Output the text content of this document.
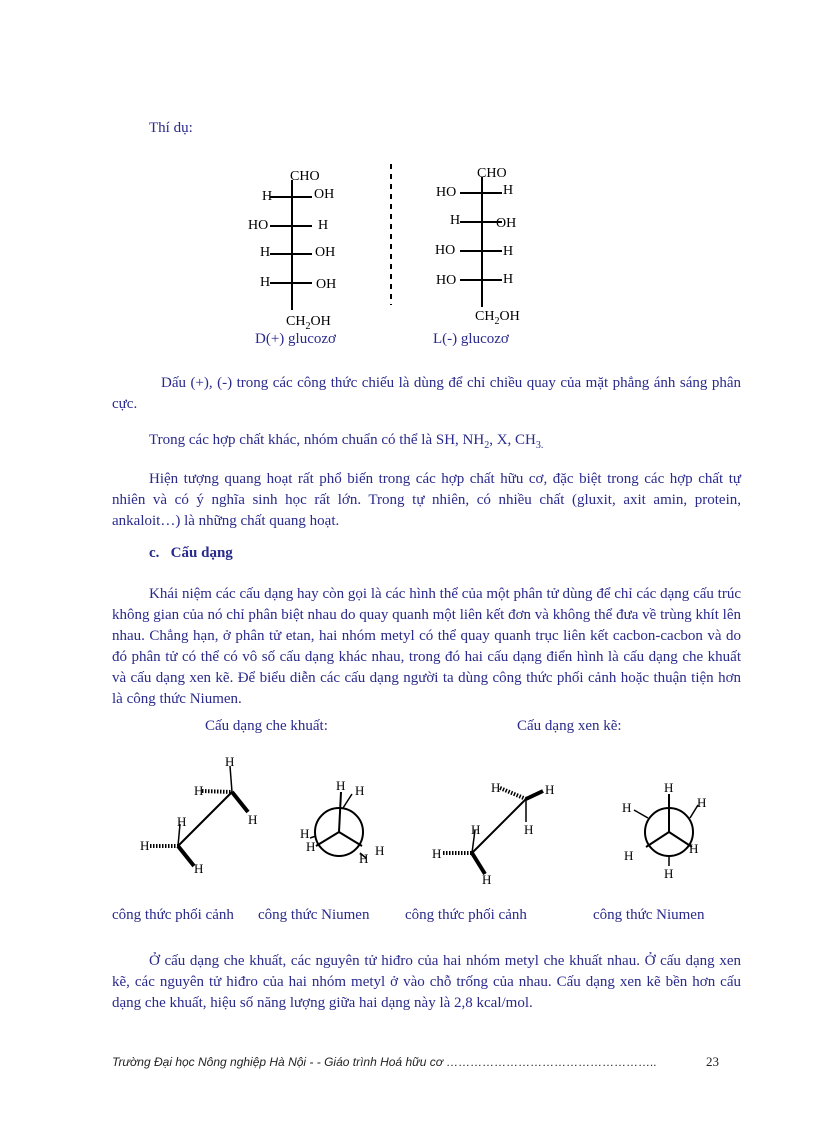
Thí dụ:
CHO
H	OH
HO	H
H	OH
H	OH
$CH_2OH$
CHO
HO	H
H	OH
HO	H
HO	H
$CH_2OH$
D(+) glucozơ	L(-) glucozơ
Dấu (+), (-) trong các công thức chiếu là dùng để chỉ chiều quay của mặt phẳng ánh sáng phân cực.
Trong các hợp chất khác, nhóm chuẩn có thể là SH, $NH_2$, X, $CH_{3.}$
Hiện tượng quang hoạt rất phổ biến trong các hợp chất hữu cơ, đặc biệt trong các hợp chất tự nhiên và có ý nghĩa sinh học rất lớn. Trong tự nhiên, có nhiều chất (gluxit, axit amin, protein, ankaloit…) là những chất quang hoạt.
c. Cấu dạng
Khái niệm các cấu dạng hay còn gọi là các hình thể của một phân tử dùng để chỉ các dạng cấu trúc không gian của nó chỉ phân biệt nhau do quay quanh một liên kết đơn và không thể đưa về trùng khít lên nhau. Chẳng hạn, ở phân tử etan, hai nhóm metyl có thể quay quanh trục liên kết cacbon-cacbon và do đó phân tử có thể có vô số cấu dạng khác nhau, trong đó hai cấu dạng điển hình là cấu dạng che khuất và cấu dạng xen kẽ. Để biểu diễn các cấu dạng người ta dùng công thức phối cảnh hoặc thuận tiện hơn là công thức Niumen.
Cấu dạng che khuất:	Cấu dạng xen kẽ:
H
H
H
H
H
H
H H
H
H	H
H
H	H
H
H
H
H
H
H	H
H	H
H
công thức phối cảnh công thức Niumen công thức phối cảnh	công thức Niumen
Ở cấu dạng che khuất, các nguyên tử hiđro của hai nhóm metyl che khuất nhau. Ở cấu dạng xen kẽ, các nguyên tử hiđro của hai nhóm metyl ở vào chỗ trống của nhau. Cấu dạng xen kẽ bền hơn cấu dạng che khuất, hiệu số năng lượng giữa hai dạng này là 2,8 kcal/mol.
Trường Đại học Nông nghiệp Hà Nội - - Giáo trình Hoá hữu cơ ……………………………………………..	23
